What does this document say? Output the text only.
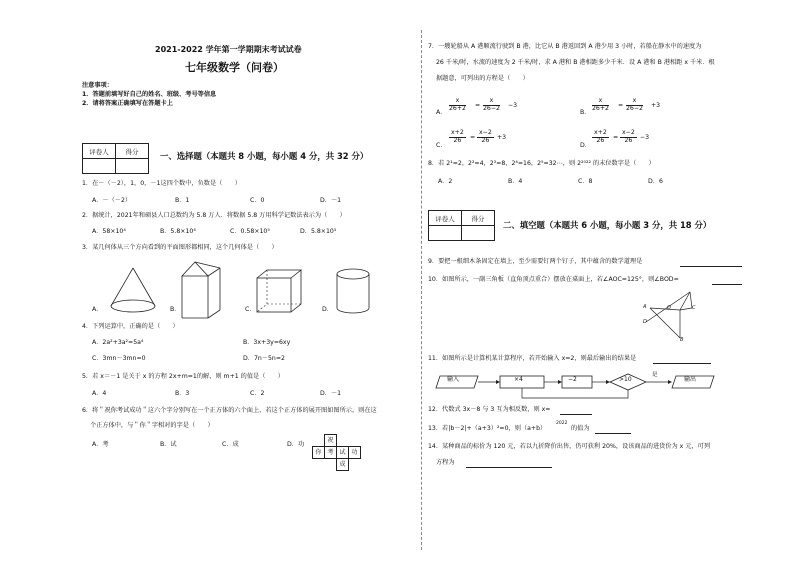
2021-2022 学年第一学期期末考试试卷
七年级数学（问卷）
注意事项：
1．答题前填写好自己的姓名、班级、考号等信息
2．请将答案正确填写在答题卡上
评卷人	得分
		一、选择题（本题共 8 小题，每小题 4 分，共 32 分）
1．在－（－2），1，0，－1这四个数中，负数是（　　）
A．－（－2）	B．1	C．0	D．－1
2．据统计，2021年和硕县人口总数约为 5.8 万人．将数据 5.8 万用科学记数法表示为（　　）
A．58×10⁴	B．5.8×10⁴	C．0.58×10⁵	D．5.8×10⁵
3．某几何体从三个方向看到的平面图形都相同，这个几何体是（　　）
A．	B．	C．	D．
4．下列运算中，正确的是（　　）
A．2a²+3a²=5a⁴	B．3x+3y=6xy
C．3mn－3mn=0	D．7n－5n=2
5．若 x＝－1 是关于 x 的方程 2x+m=1的解，则 m+1 的值是（　　）
A．4	B．3	C．2	D．－1
6．将＂祝你考试成功＂这六个字分别写在一个正方体的六个面上，若这个正方体的展开图如图所示，则在这
个正方体中，与＂你＂字相对的字是（　　）
A．考	B．试	C．成	D．功
祝
你 考 试 功
成
7．一艘轮船从 A 港顺流行驶到 B 港，比它从 B 港返回到 A 港少用 3 小时，若船在静水中的速度为
26 千米/时，水流的速度为 2 千米/时，求 A 港和 B 港相距多少千米．设 A 港和 B 港相距 x 千米．根
据题意，可列出的方程是（　　）
A． $\frac{x}{26+2} = \frac{x}{26-2} -3$
B． $\frac{x}{26+2} = \frac{x}{26-2} +3$
C．
$\frac{x+2}{26} = \frac{x-2}{26} +3$
D．
$\frac{x+2}{26} = \frac{x-2}{26} -3$
8．若 2¹=2，2²=4，2³=8，2⁴=16，2⁵=32⋯，则 2²⁰²² 的末位数字是（　　）
A．2	B．4	C．8	D．6
评卷人	得分

二、填空题（本题共 6 小题，每小题 3 分，共 18 分）
9．要把一根细木条固定在墙上，至少需要钉两个钉子，其中蕴含的数学道理是
10．如图所示，一副三角板（直角顶点重合）摆放在桌面上，若∠AOC=125°，则∠BOD=
A	O	C
D
B
11．如图所示是计算机某计算程序，若开始输入 x=2，则最后输出的结果是
输入	×4	−2	>10
是
输出
12．代数式 3x－8 与 3 互为相反数，则 x=
13．若|b－2|+（a+3）²=0，则（a+b）
2022
的值为
14．某种商品的标价为 120 元，若以九折降价出售，仍可获利 20%，设该商品的进货价为 x 元，可列
方程为
